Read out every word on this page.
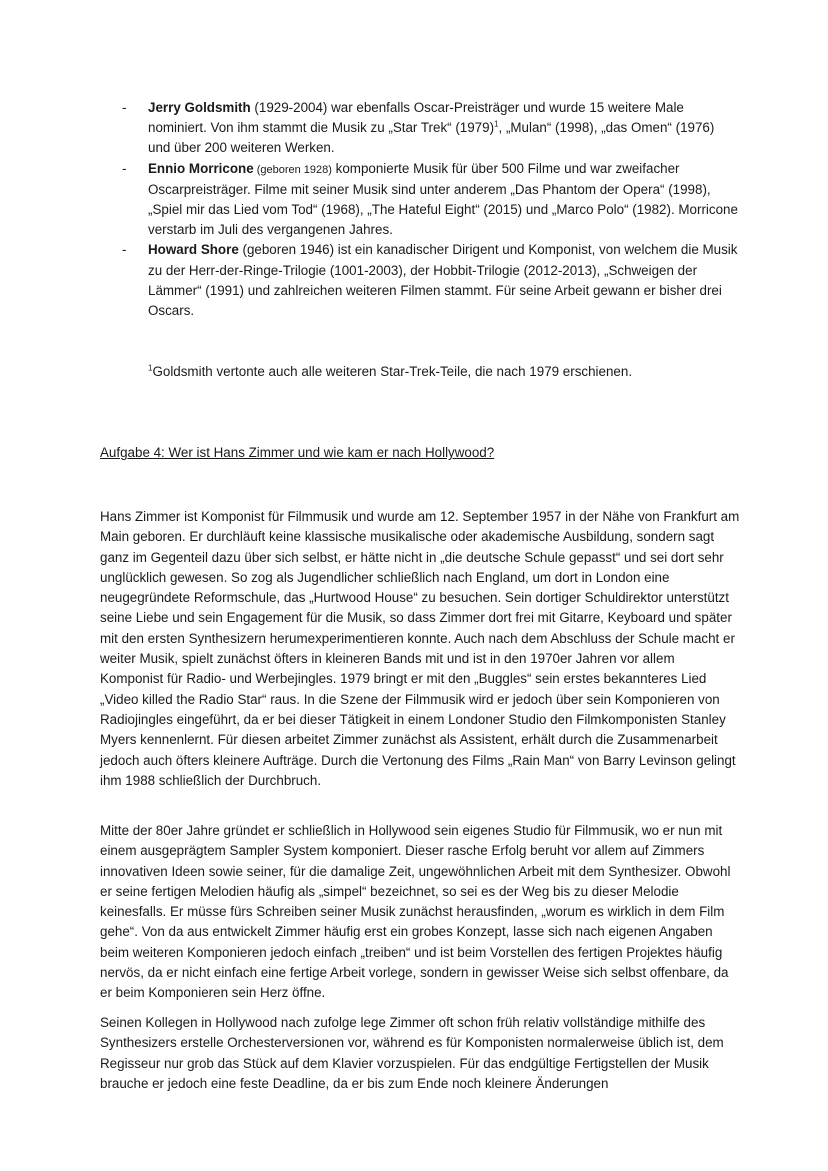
- Jerry Goldsmith (1929-2004) war ebenfalls Oscar-Preisträger und wurde 15 weitere Male nominiert. Von ihm stammt die Musik zu „Star Trek“ $(1979)^1$, „Mulan“ (1998), „das Omen“ (1976) und über 200 weiteren Werken.
- Ennio Morricone (geboren 1928) komponierte Musik für über 500 Filme und war zweifacher Oscarpreisträger. Filme mit seiner Musik sind unter anderem „Das Phantom der Opera“ (1998), „Spiel mir das Lied vom Tod“ (1968), „The Hateful Eight“ (2015) und „Marco Polo“ (1982). Morricone verstarb im Juli des vergangenen Jahres.
- Howard Shore (geboren 1946) ist ein kanadischer Dirigent und Komponist, von welchem die Musik zu der Herr-der-Ringe-Trilogie (1001-2003), der Hobbit-Trilogie (2012-2013), „Schweigen der Lämmer“ (1991) und zahlreichen weiteren Filmen stammt. Für seine Arbeit gewann er bisher drei Oscars.
$^1$Goldsmith vertonte auch alle weiteren Star-Trek-Teile, die nach 1979 erschienen.
Aufgabe 4: Wer ist Hans Zimmer und wie kam er nach Hollywood?

Hans Zimmer ist Komponist für Filmmusik und wurde am 12. September 1957 in der Nähe von Frankfurt am Main geboren. Er durchläuft keine klassische musikalische oder akademische Ausbildung, sondern sagt ganz im Gegenteil dazu über sich selbst, er hätte nicht in „die deutsche Schule gepasst“ und sei dort sehr unglücklich gewesen. So zog als Jugendlicher schließlich nach England, um dort in London eine neugegründete Reformschule, das „Hurtwood House“ zu besuchen. Sein dortiger Schuldirektor unterstützt seine Liebe und sein Engagement für die Musik, so dass Zimmer dort frei mit Gitarre, Keyboard und später mit den ersten Synthesizern herumexperimentieren konnte. Auch nach dem Abschluss der Schule macht er weiter Musik, spielt zunächst öfters in kleineren Bands mit und ist in den 1970er Jahren vor allem Komponist für Radio- und Werbejingles. 1979 bringt er mit den „Buggles“ sein erstes bekannteres Lied „Video killed the Radio Star“ raus. In die Szene der Filmmusik wird er jedoch über sein Komponieren von Radiojingles eingeführt, da er bei dieser Tätigkeit in einem Londoner Studio den Filmkomponisten Stanley Myers kennenlernt. Für diesen arbeitet Zimmer zunächst als Assistent, erhält durch die Zusammenarbeit jedoch auch öfters kleinere Aufträge. Durch die Vertonung des Films „Rain Man“ von Barry Levinson gelingt ihm 1988 schließlich der Durchbruch.

Mitte der 80er Jahre gründet er schließlich in Hollywood sein eigenes Studio für Filmmusik, wo er nun mit einem ausgeprägtem Sampler System komponiert. Dieser rasche Erfolg beruht vor allem auf Zimmers innovativen Ideen sowie seiner, für die damalige Zeit, ungewöhnlichen Arbeit mit dem Synthesizer. Obwohl er seine fertigen Melodien häufig als „simpel“ bezeichnet, so sei es der Weg bis zu dieser Melodie keinesfalls. Er müsse fürs Schreiben seiner Musik zunächst herausfinden, „worum es wirklich in dem Film gehe“. Von da aus entwickelt Zimmer häufig erst ein grobes Konzept, lasse sich nach eigenen Angaben beim weiteren Komponieren jedoch einfach „treiben“ und ist beim Vorstellen des fertigen Projektes häufig nervös, da er nicht einfach eine fertige Arbeit vorlege, sondern in gewisser Weise sich selbst offenbare, da er beim Komponieren sein Herz öffne.

Seinen Kollegen in Hollywood nach zufolge lege Zimmer oft schon früh relativ vollständige mithilfe des Synthesizers erstelle Orchesterversionen vor, während es für Komponisten normalerweise üblich ist, dem Regisseur nur grob das Stück auf dem Klavier vorzuspielen. Für das endgültige Fertigstellen der Musik brauche er jedoch eine feste Deadline, da er bis zum Ende noch kleinere Änderungen
